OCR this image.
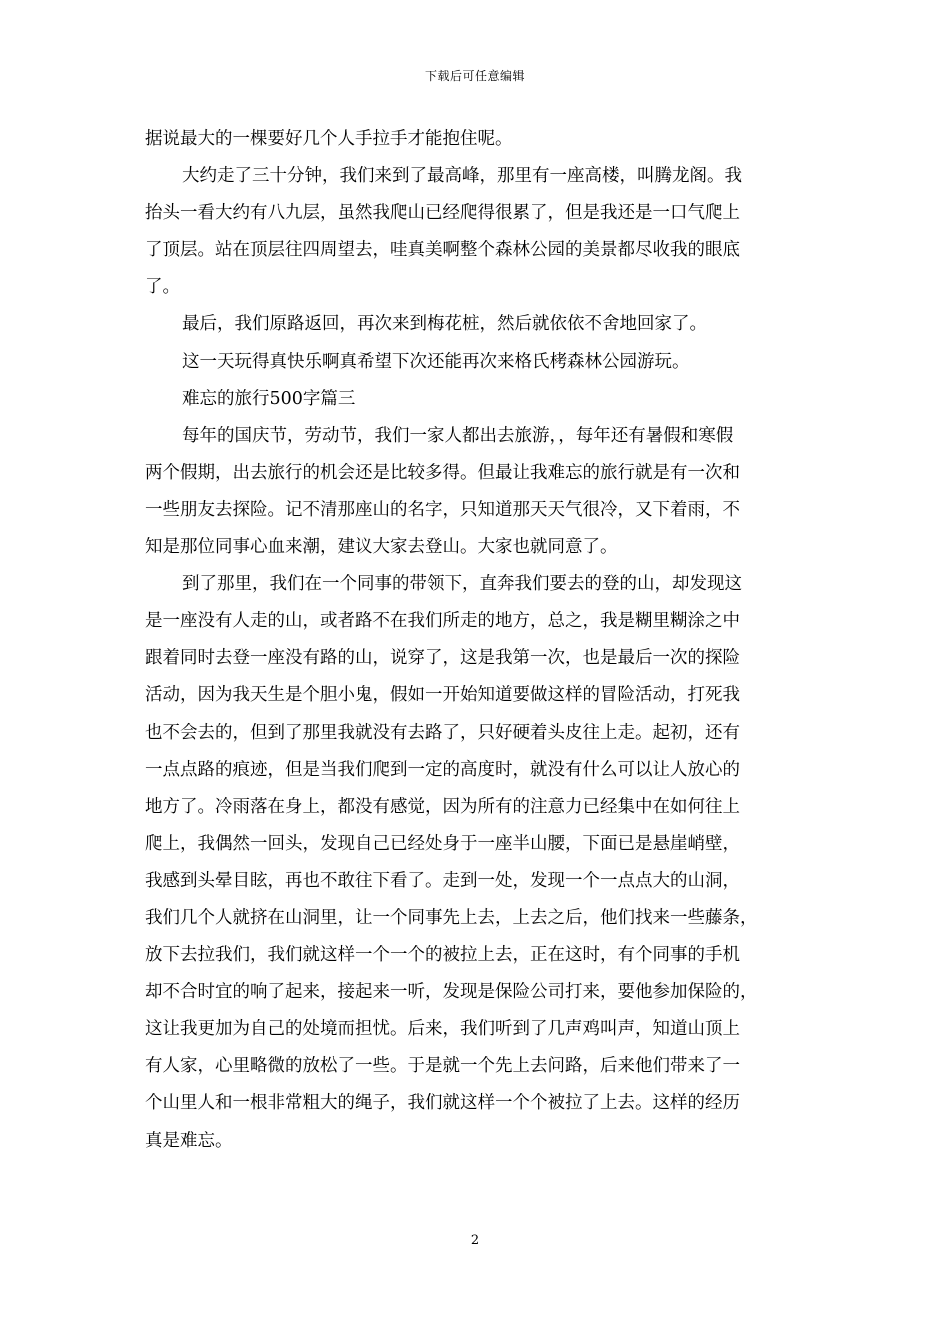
下载后可任意编辑
据说最大的一棵要好几个人手拉手才能抱住呢。
大约走了三十分钟，我们来到了最高峰，那里有一座高楼，叫腾龙阁。我
抬头一看大约有八九层，虽然我爬山已经爬得很累了，但是我还是一口气爬上
了顶层。站在顶层往四周望去，哇真美啊整个森林公园的美景都尽收我的眼底
了。
最后，我们原路返回，再次来到梅花桩，然后就依依不舍地回家了。
这一天玩得真快乐啊真希望下次还能再次来格氏栲森林公园游玩。
难忘的旅行500字篇三
每年的国庆节，劳动节，我们一家人都出去旅游，，每年还有暑假和寒假
两个假期，出去旅行的机会还是比较多得。但最让我难忘的旅行就是有一次和
一些朋友去探险。记不清那座山的名字，只知道那天天气很冷，又下着雨，不
知是那位同事心血来潮，建议大家去登山。大家也就同意了。
到了那里，我们在一个同事的带领下，直奔我们要去的登的山，却发现这
是一座没有人走的山，或者路不在我们所走的地方，总之，我是糊里糊涂之中
跟着同时去登一座没有路的山，说穿了，这是我第一次，也是最后一次的探险
活动，因为我天生是个胆小鬼，假如一开始知道要做这样的冒险活动，打死我
也不会去的，但到了那里我就没有去路了，只好硬着头皮往上走。起初，还有
一点点路的痕迹，但是当我们爬到一定的高度时，就没有什么可以让人放心的
地方了。冷雨落在身上，都没有感觉，因为所有的注意力已经集中在如何往上
爬上，我偶然一回头，发现自己已经处身于一座半山腰，下面已是悬崖峭壁，
我感到头晕目眩，再也不敢往下看了。走到一处，发现一个一点点大的山洞，
我们几个人就挤在山洞里，让一个同事先上去，上去之后，他们找来一些藤条，
放下去拉我们，我们就这样一个一个的被拉上去，正在这时，有个同事的手机
却不合时宜的响了起来，接起来一听，发现是保险公司打来，要他参加保险的，
这让我更加为自己的处境而担忧。后来，我们听到了几声鸡叫声，知道山顶上
有人家，心里略微的放松了一些。于是就一个先上去问路，后来他们带来了一
个山里人和一根非常粗大的绳子，我们就这样一个个被拉了上去。这样的经历
真是难忘。
2
